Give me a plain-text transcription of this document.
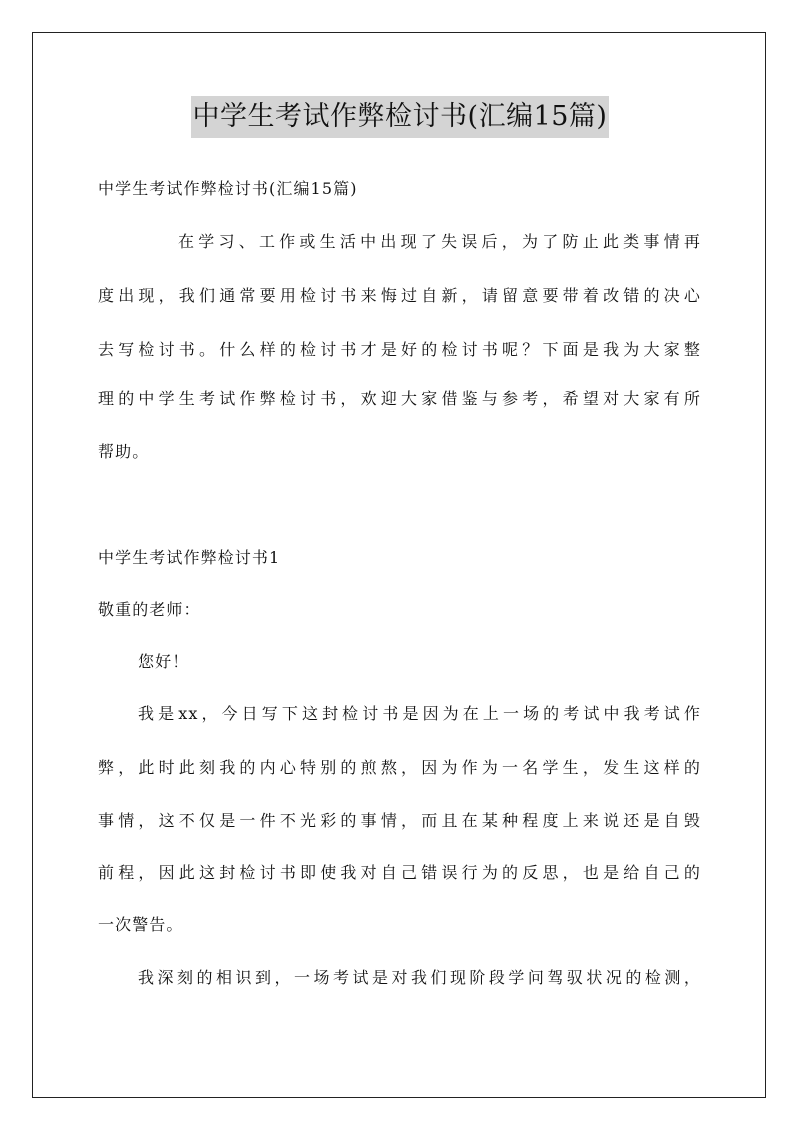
中学生考试作弊检讨书(汇编15篇)
中学生考试作弊检讨书(汇编15篇)
在学习、工作或生活中出现了失误后，为了防止此类事情再
度出现，我们通常要用检讨书来悔过自新，请留意要带着改错的决心
去写检讨书。什么样的检讨书才是好的检讨书呢？下面是我为大家整
理的中学生考试作弊检讨书，欢迎大家借鉴与参考，希望对大家有所
帮助。
中学生考试作弊检讨书1
敬重的老师：
您好！
我是xx，今日写下这封检讨书是因为在上一场的考试中我考试作
弊，此时此刻我的内心特别的煎熬，因为作为一名学生，发生这样的
事情，这不仅是一件不光彩的事情，而且在某种程度上来说还是自毁
前程，因此这封检讨书即使我对自己错误行为的反思，也是给自己的
一次警告。
我深刻的相识到，一场考试是对我们现阶段学问驾驭状况的检测，
